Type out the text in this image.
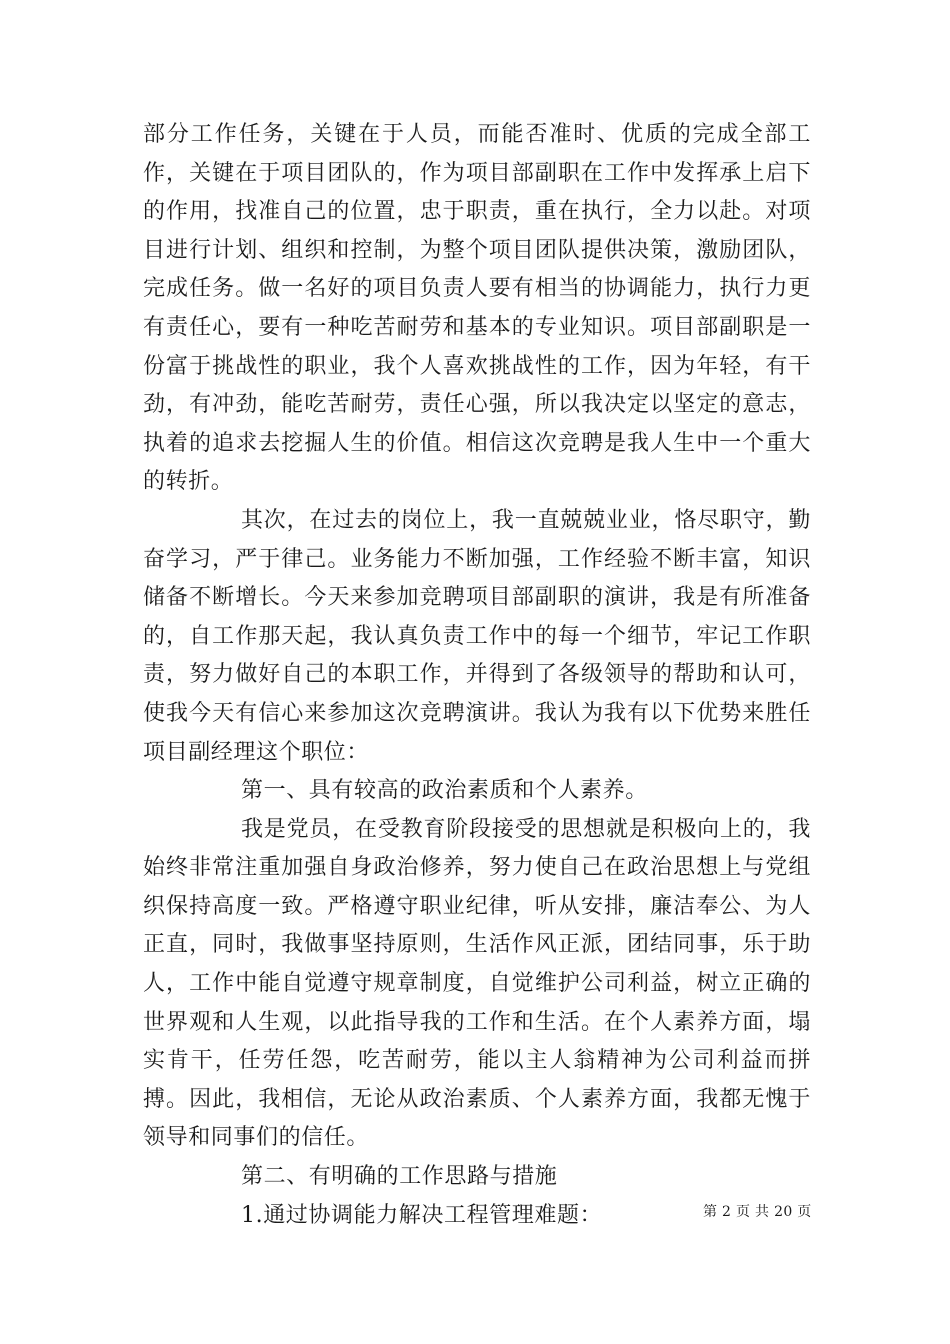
部分工作任务，关键在于人员，而能否准时、优质的完成全部工作，关键在于项目团队的，作为项目部副职在工作中发挥承上启下的作用，找准自己的位置，忠于职责，重在执行，全力以赴。对项目进行计划、组织和控制，为整个项目团队提供决策，激励团队，完成任务。做一名好的项目负责人要有相当的协调能力，执行力更有责任心，要有一种吃苦耐劳和基本的专业知识。项目部副职是一份富于挑战性的职业，我个人喜欢挑战性的工作，因为年轻，有干劲，有冲劲，能吃苦耐劳，责任心强，所以我决定以坚定的意志，执着的追求去挖掘人生的价值。相信这次竞聘是我人生中一个重大的转折。

其次，在过去的岗位上，我一直兢兢业业，恪尽职守，勤奋学习，严于律己。业务能力不断加强，工作经验不断丰富，知识储备不断增长。今天来参加竞聘项目部副职的演讲，我是有所准备的，自工作那天起，我认真负责工作中的每一个细节，牢记工作职责，努力做好自己的本职工作，并得到了各级领导的帮助和认可，使我今天有信心来参加这次竞聘演讲。我认为我有以下优势来胜任项目副经理这个职位：

第一、具有较高的政治素质和个人素养。

我是党员，在受教育阶段接受的思想就是积极向上的，我始终非常注重加强自身政治修养，努力使自己在政治思想上与党组织保持高度一致。严格遵守职业纪律，听从安排，廉洁奉公、为人正直，同时，我做事坚持原则，生活作风正派，团结同事，乐于助人，工作中能自觉遵守规章制度，自觉维护公司利益，树立正确的世界观和人生观，以此指导我的工作和生活。在个人素养方面，塌实肯干，任劳任怨，吃苦耐劳，能以主人翁精神为公司利益而拼搏。因此，我相信，无论从政治素质、个人素养方面，我都无愧于领导和同事们的信任。

第二、有明确的工作思路与措施

1.通过协调能力解决工程管理难题：	第 2 页 共 20 页
